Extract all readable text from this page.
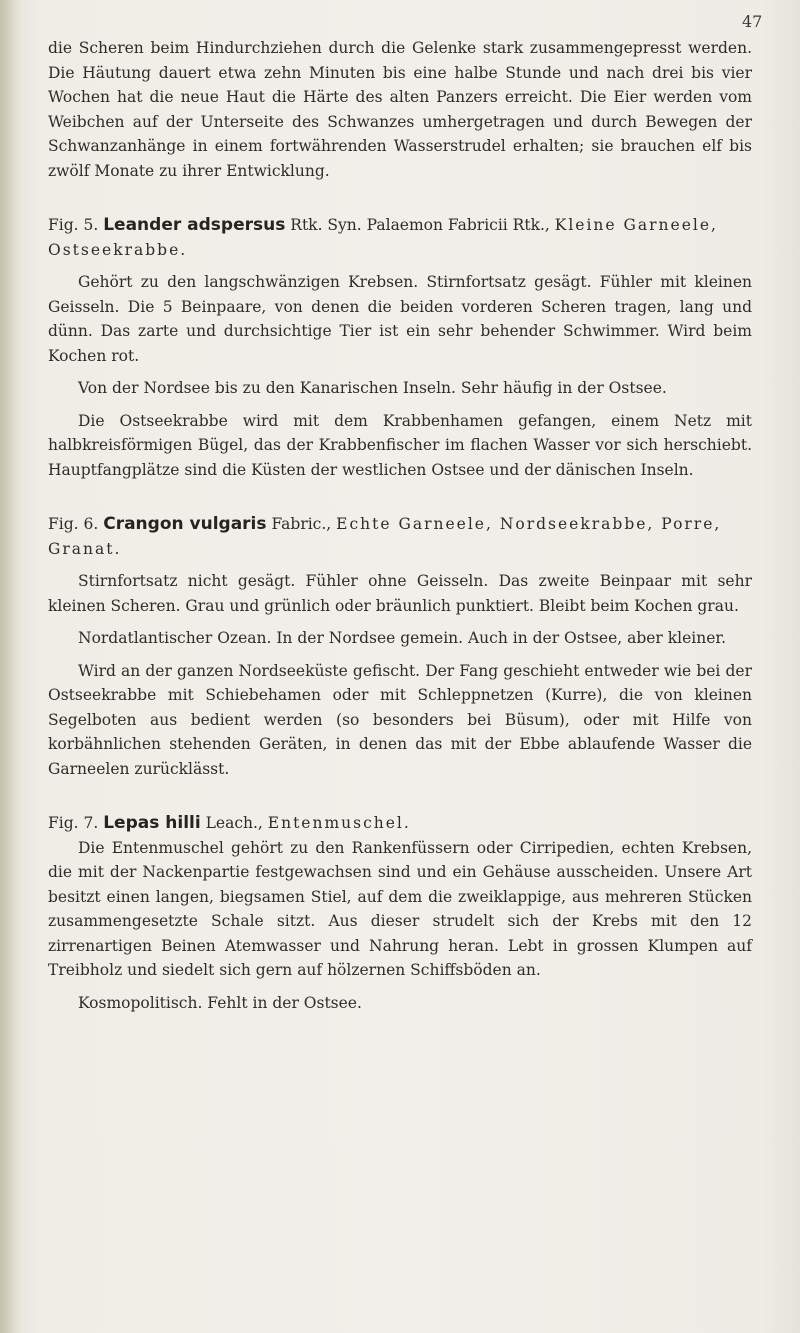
47

die Scheren beim Hindurchziehen durch die Gelenke stark zusammengepresst werden. Die Häutung dauert etwa zehn Minuten bis eine halbe Stunde und nach drei bis vier Wochen hat die neue Haut die Härte des alten Panzers erreicht. Die Eier werden vom Weibchen auf der Unterseite des Schwanzes umhergetragen und durch Bewegen der Schwanzanhänge in einem fortwährenden Wasserstrudel erhalten; sie brauchen elf bis zwölf Monate zu ihrer Entwicklung.

Fig. 5. Leander adspersus Rtk. Syn. Palaemon Fabricii Rtk., Kleine Garneele, Ostseekrabbe.

Gehört zu den langschwänzigen Krebsen. Stirnfortsatz gesägt. Fühler mit kleinen Geisseln. Die 5 Beinpaare, von denen die beiden vorderen Scheren tragen, lang und dünn. Das zarte und durchsichtige Tier ist ein sehr behender Schwimmer. Wird beim Kochen rot.

Von der Nordsee bis zu den Kanarischen Inseln. Sehr häufig in der Ostsee.

Die Ostseekrabbe wird mit dem Krabbenhamen gefangen, einem Netz mit halbkreisförmigen Bügel, das der Krabbenfischer im flachen Wasser vor sich herschiebt. Hauptfangplätze sind die Küsten der westlichen Ostsee und der dänischen Inseln.

Fig. 6. Crangon vulgaris Fabric., Echte Garneele, Nordseekrabbe, Porre, Granat.

Stirnfortsatz nicht gesägt. Fühler ohne Geisseln. Das zweite Beinpaar mit sehr kleinen Scheren. Grau und grünlich oder bräunlich punktiert. Bleibt beim Kochen grau.

Nordatlantischer Ozean. In der Nordsee gemein. Auch in der Ostsee, aber kleiner.

Wird an der ganzen Nordseeküste gefischt. Der Fang geschieht entweder wie bei der Ostseekrabbe mit Schiebehamen oder mit Schleppnetzen (Kurre), die von kleinen Segelboten aus bedient werden (so besonders bei Büsum), oder mit Hilfe von korbähnlichen stehenden Geräten, in denen das mit der Ebbe ablaufende Wasser die Garneelen zurücklässt.

Fig. 7. Lepas hilli Leach., Entenmuschel.

Die Entenmuschel gehört zu den Rankenfüssern oder Cirripedien, echten Krebsen, die mit der Nackenpartie festgewachsen sind und ein Gehäuse ausscheiden. Unsere Art besitzt einen langen, biegsamen Stiel, auf dem die zweiklappige, aus mehreren Stücken zusammengesetzte Schale sitzt. Aus dieser strudelt sich der Krebs mit den 12 zirrenartigen Beinen Atemwasser und Nahrung heran. Lebt in grossen Klumpen auf Treibholz und siedelt sich gern auf hölzernen Schiffsböden an.

Kosmopolitisch. Fehlt in der Ostsee.
